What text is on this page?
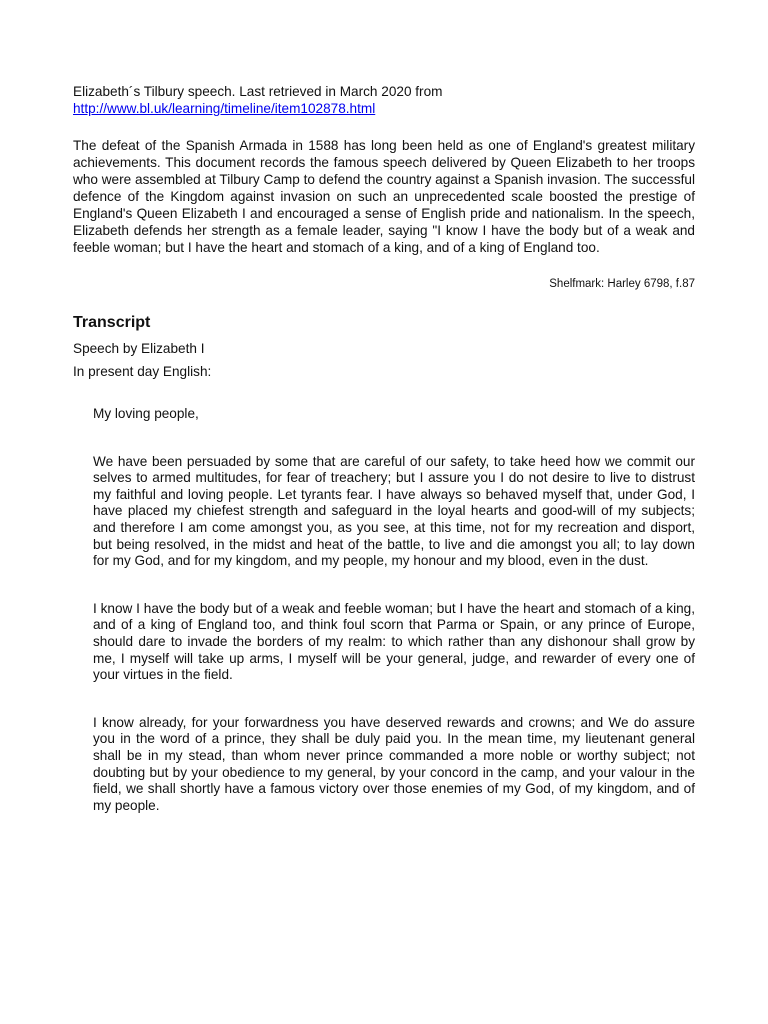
Elizabeth´s Tilbury speech. Last retrieved in March 2020 from

http://www.bl.uk/learning/timeline/item102878.html
The defeat of the Spanish Armada in 1588 has long been held as one of England's greatest military achievements. This document records the famous speech delivered by Queen Elizabeth to her troops who were assembled at Tilbury Camp to defend the country against a Spanish invasion. The successful defence of the Kingdom against invasion on such an unprecedented scale boosted the prestige of England's Queen Elizabeth I and encouraged a sense of English pride and nationalism. In the speech, Elizabeth defends her strength as a female leader, saying "I know I have the body but of a weak and feeble woman; but I have the heart and stomach of a king, and of a king of England too.
Shelfmark: Harley 6798, f.87
Transcript
Speech by Elizabeth I
In present day English:

My loving people,

We have been persuaded by some that are careful of our safety, to take heed how we commit our selves to armed multitudes, for fear of treachery; but I assure you I do not desire to live to distrust my faithful and loving people. Let tyrants fear. I have always so behaved myself that, under God, I have placed my chiefest strength and safeguard in the loyal hearts and good-will of my subjects; and therefore I am come amongst you, as you see, at this time, not for my recreation and disport, but being resolved, in the midst and heat of the battle, to live and die amongst you all; to lay down for my God, and for my kingdom, and my people, my honour and my blood, even in the dust.

I know I have the body but of a weak and feeble woman; but I have the heart and stomach of a king, and of a king of England too, and think foul scorn that Parma or Spain, or any prince of Europe, should dare to invade the borders of my realm: to which rather than any dishonour shall grow by me, I myself will take up arms, I myself will be your general, judge, and rewarder of every one of your virtues in the field.

I know already, for your forwardness you have deserved rewards and crowns; and We do assure you in the word of a prince, they shall be duly paid you. In the mean time, my lieutenant general shall be in my stead, than whom never prince commanded a more noble or worthy subject; not doubting but by your obedience to my general, by your concord in the camp, and your valour in the field, we shall shortly have a famous victory over those enemies of my God, of my kingdom, and of my people.
